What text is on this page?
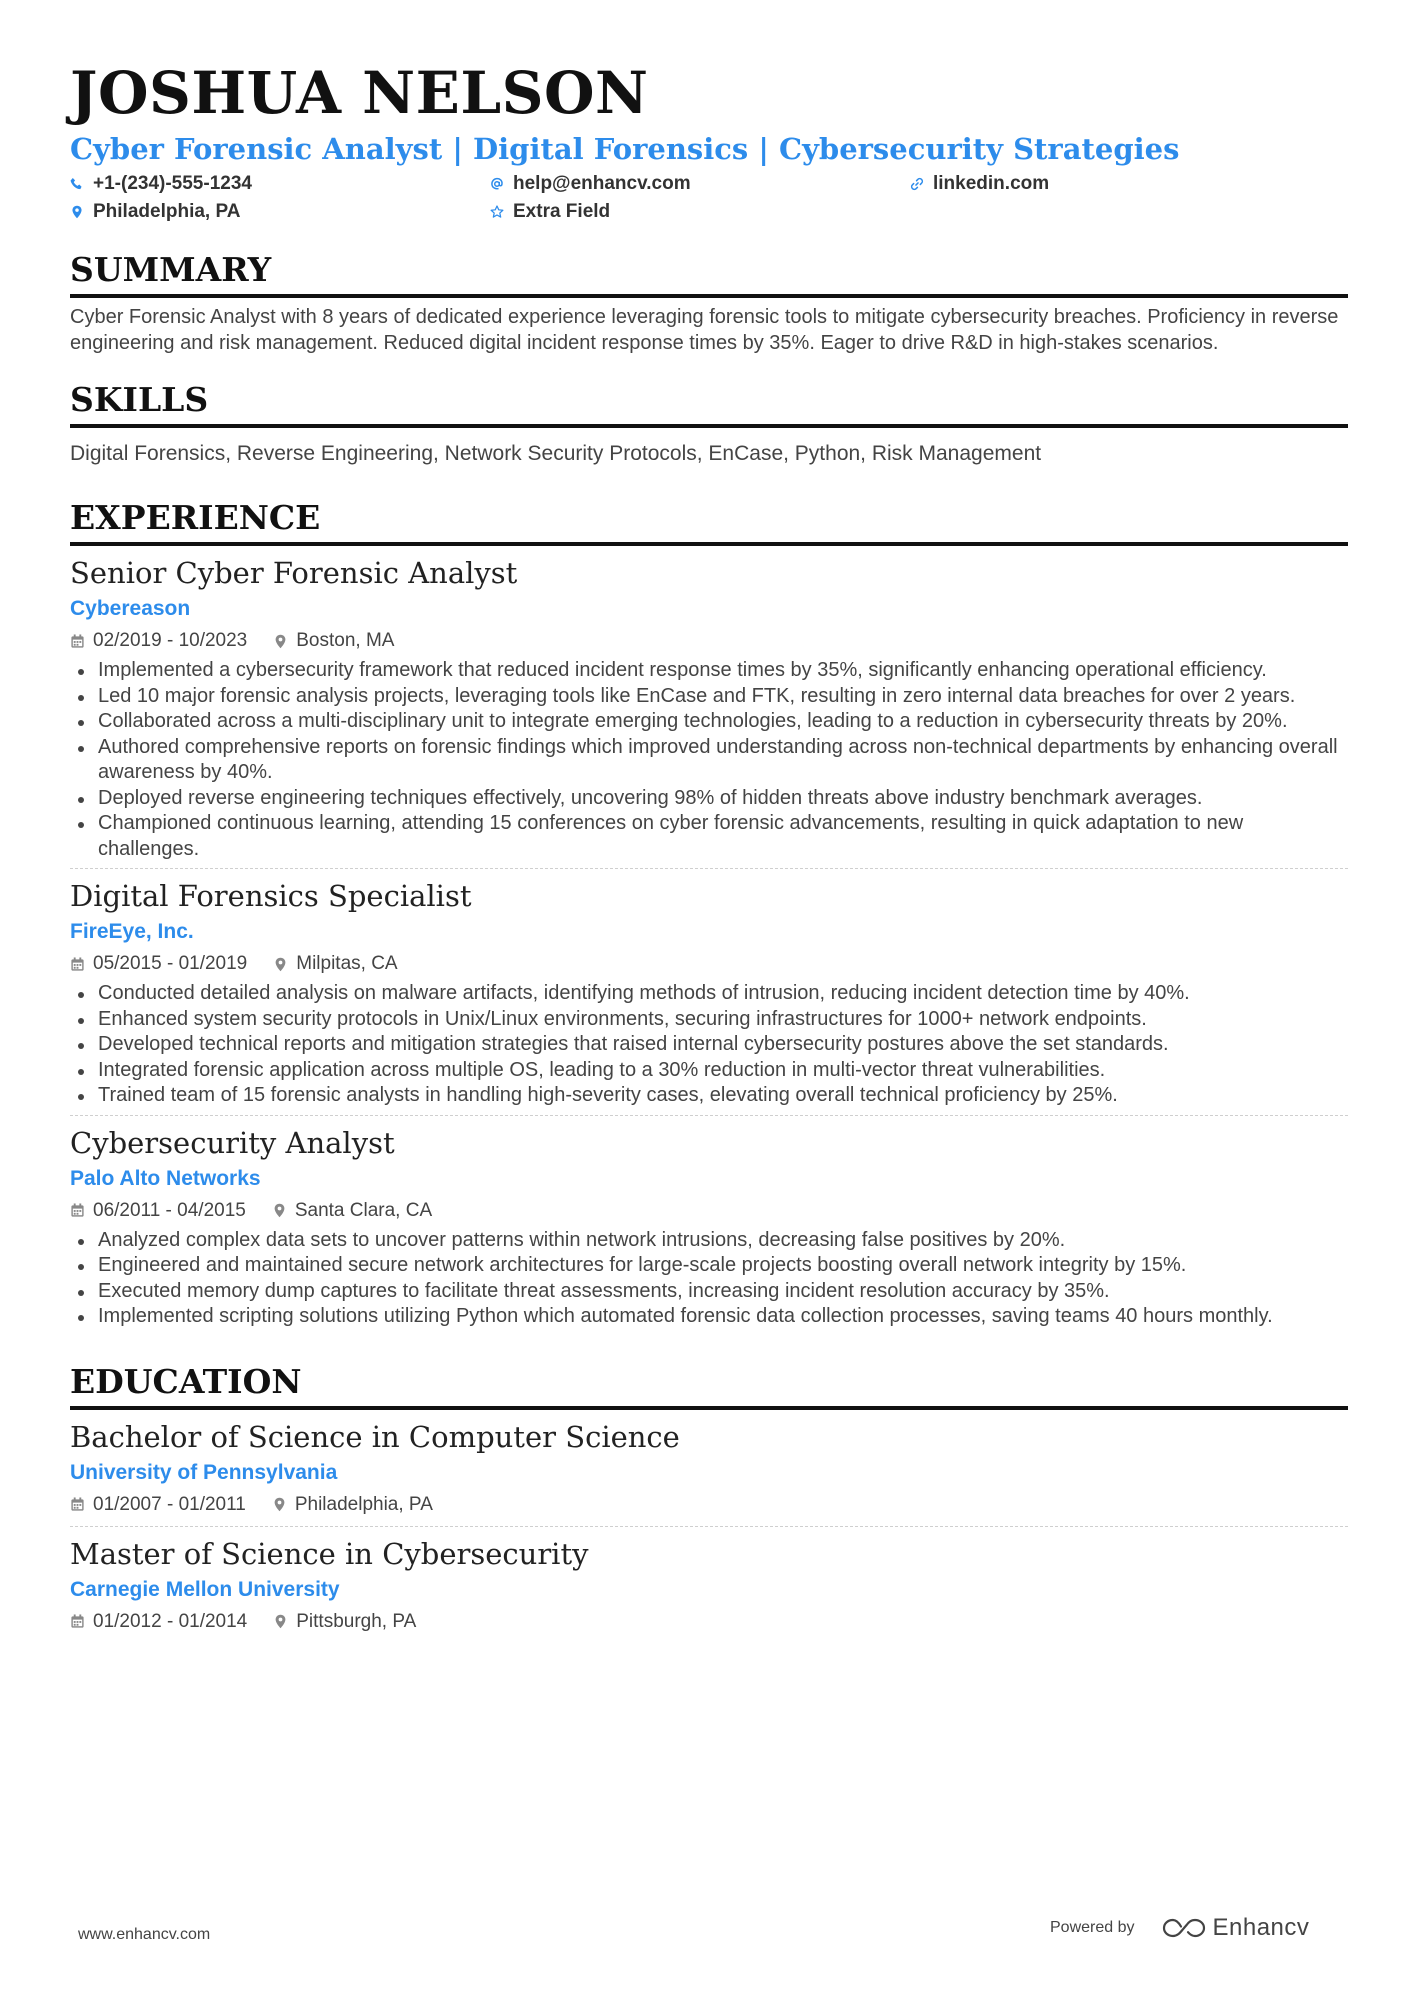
JOSHUA NELSON
Cyber Forensic Analyst | Digital Forensics | Cybersecurity Strategies
+1-(234)-555-1234	help@enhancv.com	linkedin.com
Philadelphia, PA	Extra Field
SUMMARY

Cyber Forensic Analyst with 8 years of dedicated experience leveraging forensic tools to mitigate cybersecurity breaches. Proficiency in reverse engineering and risk management. Reduced digital incident response times by 35%. Eager to drive R&D in high-stakes scenarios.

SKILLS

Digital Forensics, Reverse Engineering, Network Security Protocols, EnCase, Python, Risk Management

EXPERIENCE
Senior Cyber Forensic Analyst
Cybereason
02/2019 - 10/2023	Boston, MA
Implemented a cybersecurity framework that reduced incident response times by 35%, significantly enhancing operational efficiency.
Led 10 major forensic analysis projects, leveraging tools like EnCase and FTK, resulting in zero internal data breaches for over 2 years.
Collaborated across a multi-disciplinary unit to integrate emerging technologies, leading to a reduction in cybersecurity threats by 20%.
Authored comprehensive reports on forensic findings which improved understanding across non-technical departments by enhancing overall awareness by 40%.
Deployed reverse engineering techniques effectively, uncovering 98% of hidden threats above industry benchmark averages.
Championed continuous learning, attending 15 conferences on cyber forensic advancements, resulting in quick adaptation to new challenges.
Digital Forensics Specialist
FireEye, Inc.
05/2015 - 01/2019	Milpitas, CA
Conducted detailed analysis on malware artifacts, identifying methods of intrusion, reducing incident detection time by 40%.
Enhanced system security protocols in Unix/Linux environments, securing infrastructures for 1000+ network endpoints.
Developed technical reports and mitigation strategies that raised internal cybersecurity postures above the set standards.
Integrated forensic application across multiple OS, leading to a 30% reduction in multi-vector threat vulnerabilities.
Trained team of 15 forensic analysts in handling high-severity cases, elevating overall technical proficiency by 25%.
Cybersecurity Analyst
Palo Alto Networks
06/2011 - 04/2015	Santa Clara, CA
Analyzed complex data sets to uncover patterns within network intrusions, decreasing false positives by 20%.
Engineered and maintained secure network architectures for large-scale projects boosting overall network integrity by 15%.
Executed memory dump captures to facilitate threat assessments, increasing incident resolution accuracy by 35%.
Implemented scripting solutions utilizing Python which automated forensic data collection processes, saving teams 40 hours monthly.
EDUCATION
Bachelor of Science in Computer Science
University of Pennsylvania
01/2007 - 01/2011	Philadelphia, PA
Master of Science in Cybersecurity
Carnegie Mellon University
01/2012 - 01/2014	Pittsburgh, PA
www.enhancv.com	Powered by	Enhancv
